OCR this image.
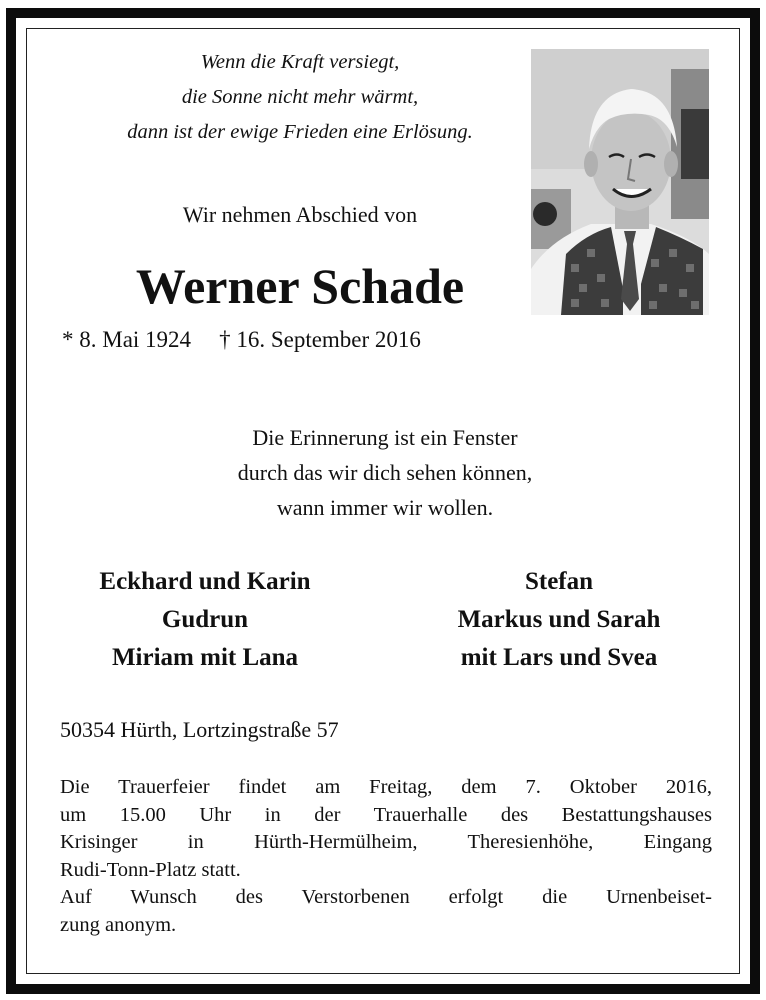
Wenn die Kraft versiegt,
die Sonne nicht mehr wärmt,
dann ist der ewige Frieden eine Erlösung.
Wir nehmen Abschied von
Werner Schade
* 8. Mai 1924 † 16. September 2016
Die Erinnerung ist ein Fenster
durch das wir dich sehen können,
wann immer wir wollen.
Eckhard und Karin
Gudrun
Miriam mit Lana
Stefan
Markus und Sarah
mit Lars und Svea
50354 Hürth, Lortzingstraße 57
Die Trauerfeier findet am Freitag, dem 7. Oktober 2016,
um 15.00 Uhr in der Trauerhalle des Bestattungshauses
Krisinger in Hürth-Hermülheim, Theresienhöhe, Eingang
Rudi-Tonn-Platz statt.
Auf Wunsch des Verstorbenen erfolgt die Urnenbeiset-
zung anonym.
